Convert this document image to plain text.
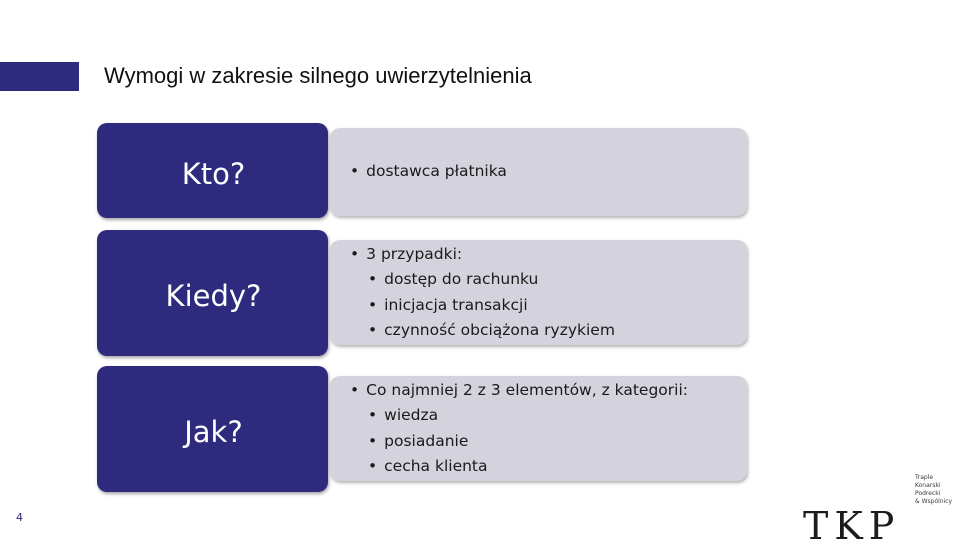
Wymogi w zakresie silnego uwierzytelnienia
Kto?	• dostawca płatnika
Kiedy?
• 3 przypadki:
• dostęp do rachunku
• inicjacja transakcji
• czynność obciążona ryzykiem
Jak?
• Co najmniej 2 z 3 elementów, z kategorii:
• wiedza
• posiadanie
• cecha klienta
4	TKP
Traple
Konarski
Podrecki
& Wspólnicy
